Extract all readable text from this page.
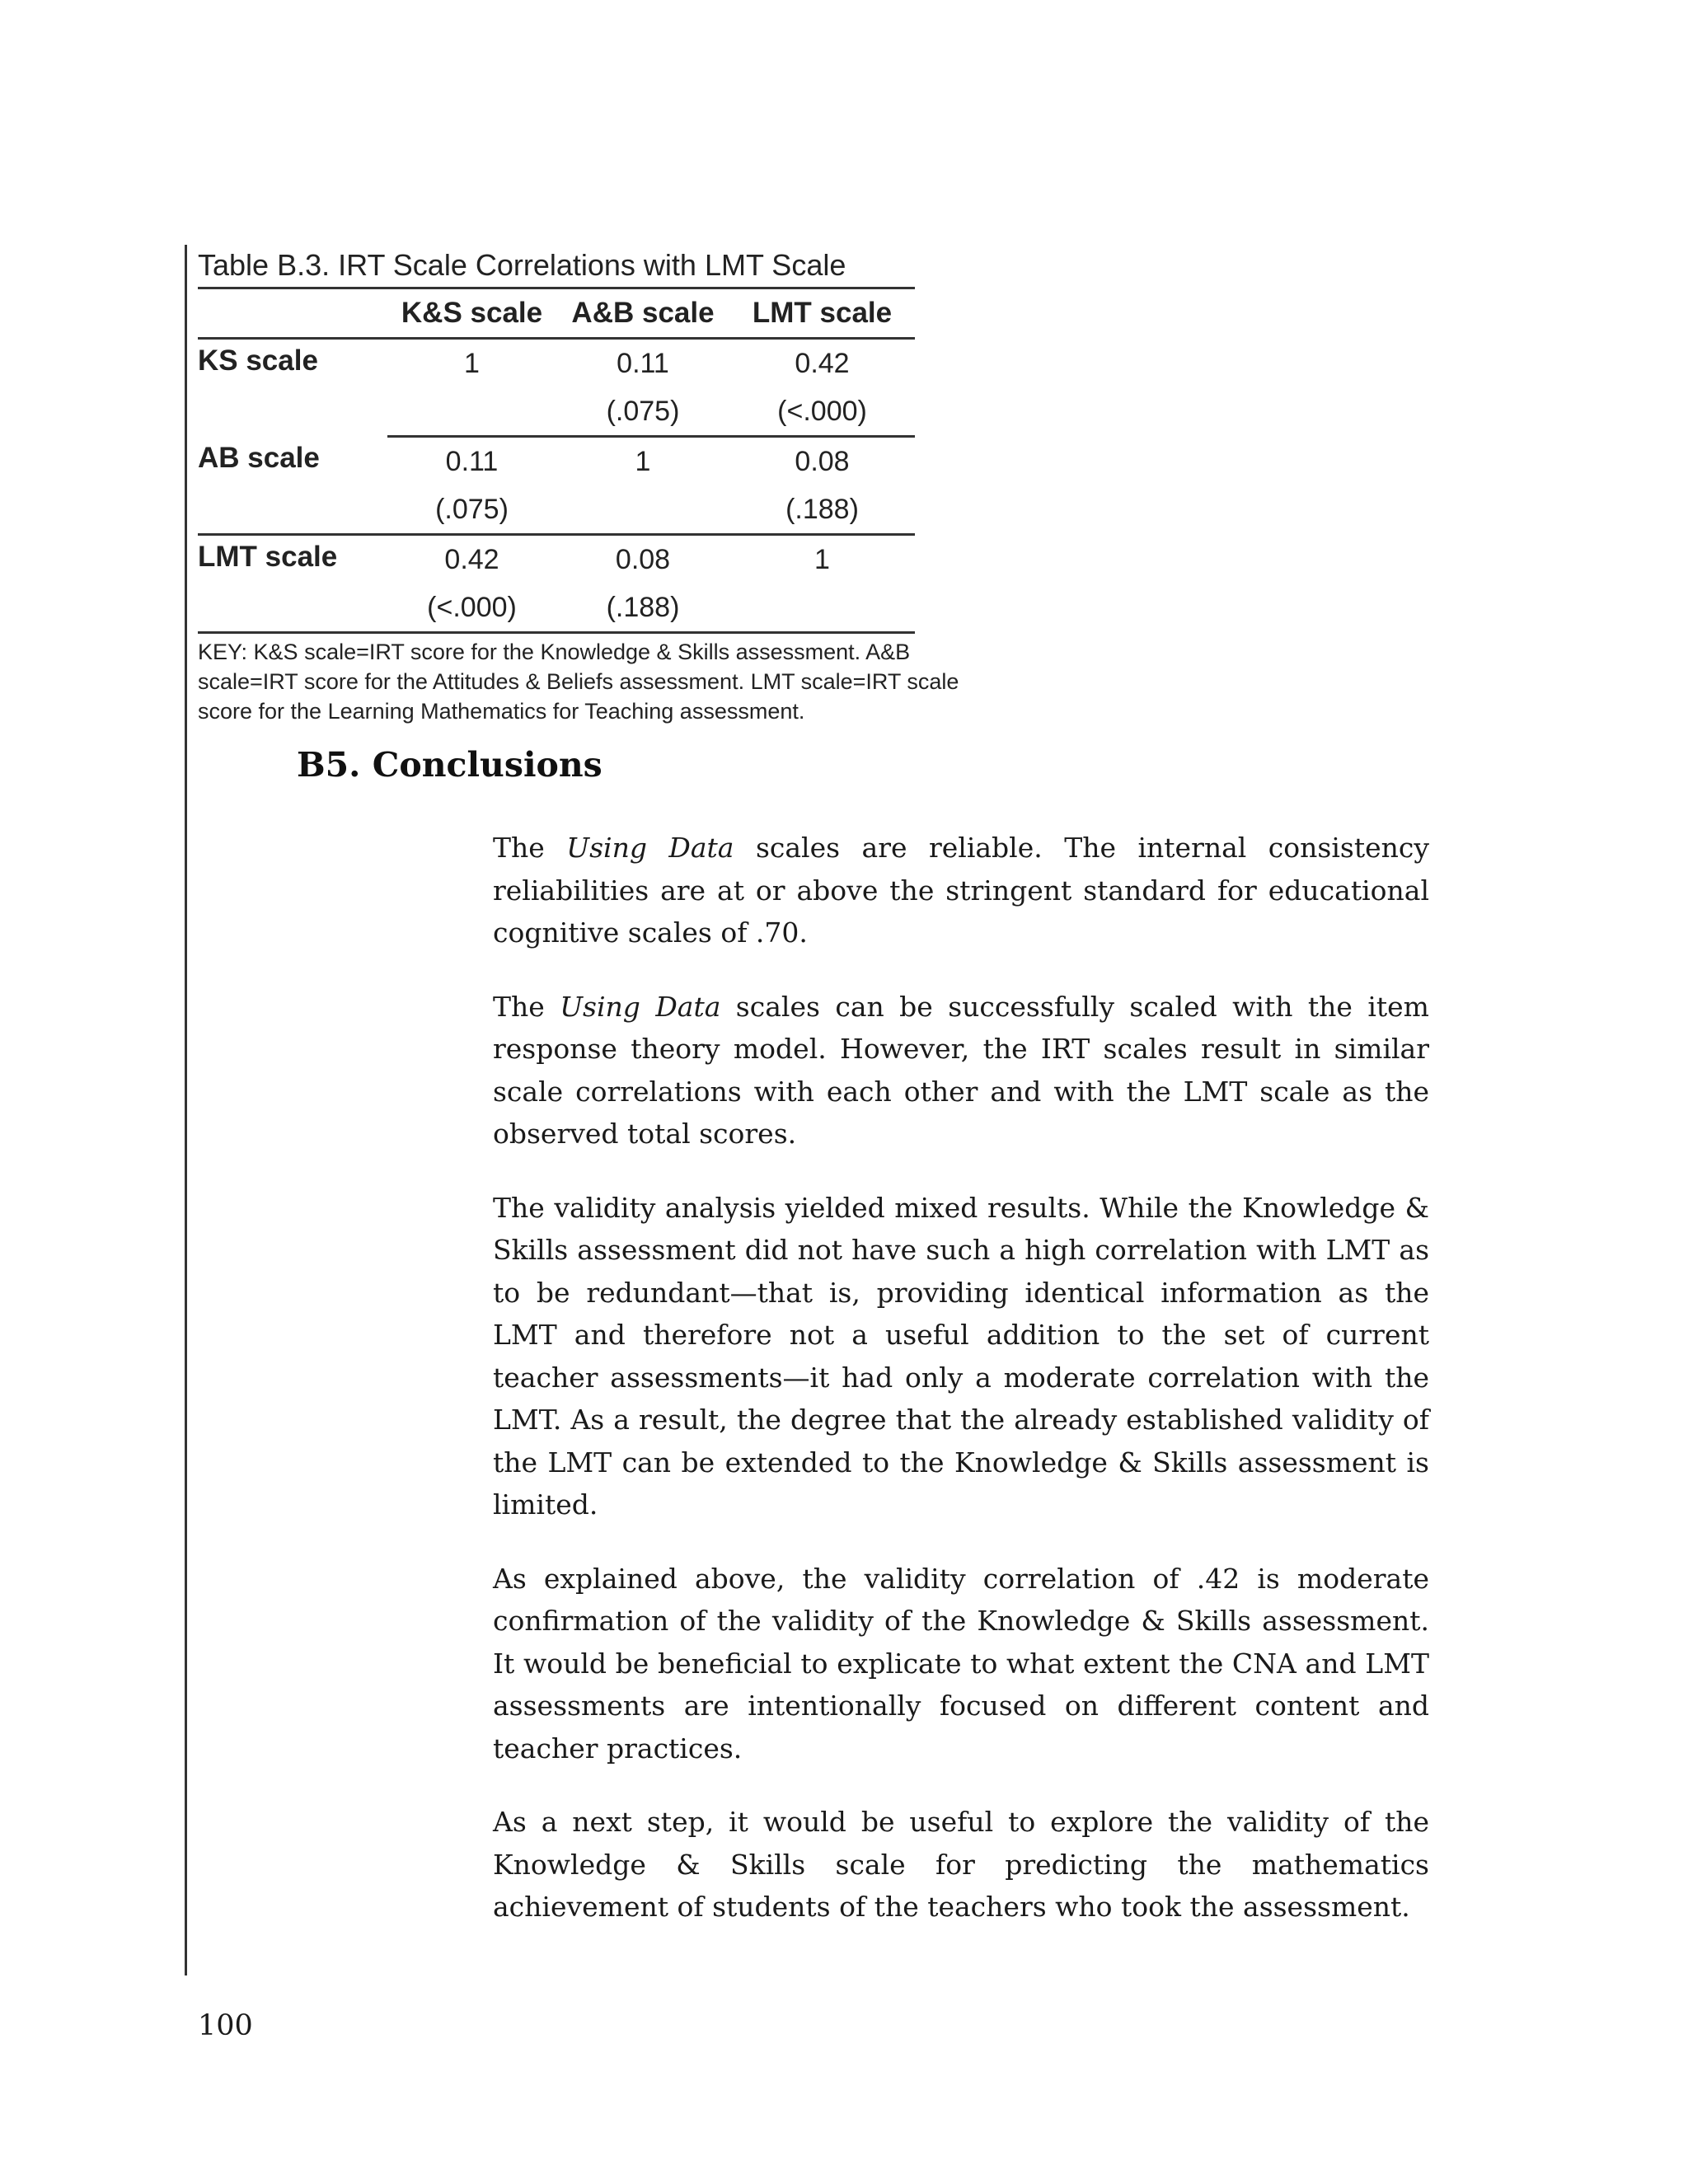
Table B.3. IRT Scale Correlations with LMT Scale
	K&S scale	A&B scale	LMT scale
KS scale	1	0.11	0.42
		(.075)	(<.000)
AB scale	0.11	1	0.08
	(.075)		(.188)
LMT scale	0.42	0.08	1
	(<.000)	(.188)	
KEY: K&S scale=IRT score for the Knowledge & Skills assessment. A&B scale=IRT score for the Attitudes & Beliefs assessment. LMT scale=IRT scale score for the Learning Mathematics for Teaching assessment.
B5. Conclusions

The Using Data scales are reliable. The internal consistency reliabilities are at or above the stringent standard for educational cognitive scales of .70.

The Using Data scales can be successfully scaled with the item response theory model. However, the IRT scales result in similar scale correlations with each other and with the LMT scale as the observed total scores.

The validity analysis yielded mixed results. While the Knowledge & Skills assessment did not have such a high correlation with LMT as to be redundant—that is, providing identical information as the LMT and therefore not a useful addition to the set of current teacher assessments—it had only a moderate correlation with the LMT. As a result, the degree that the already established validity of the LMT can be extended to the Knowledge & Skills assessment is limited.

As explained above, the validity correlation of .42 is moderate confirmation of the validity of the Knowledge & Skills assessment. It would be beneficial to explicate to what extent the CNA and LMT assessments are intentionally focused on different content and teacher practices.

As a next step, it would be useful to explore the validity of the Knowledge & Skills scale for predicting the mathematics achievement of students of the teachers who took the assessment.

100
